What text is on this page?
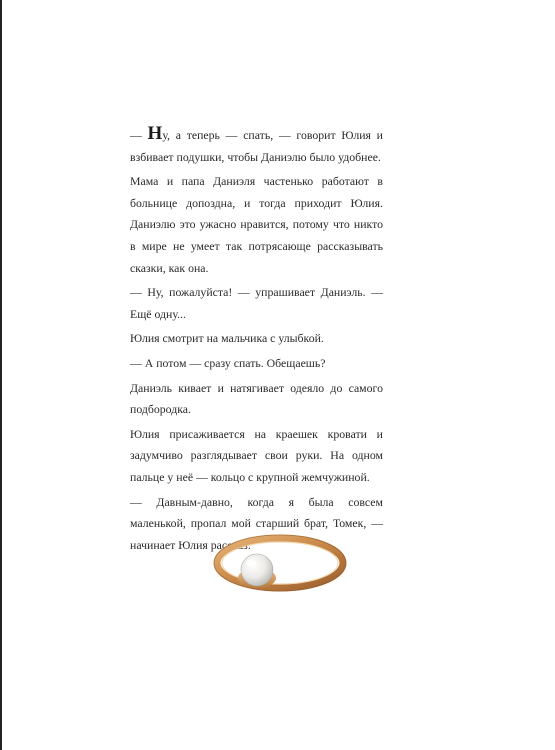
— Ну, а теперь — спать, — говорит Юлия и взбивает подушки, чтобы Даниэлю было удобнее.

Мама и папа Даниэля частенько работают в больнице допоздна, и тогда приходит Юлия. Даниэлю это ужасно нравится, потому что никто в мире не умеет так потрясающе рассказывать сказки, как она.

— Ну, пожалуйста! — упрашивает Даниэль. — Ещё одну...

Юлия смотрит на мальчика с улыбкой.

— А потом — сразу спать. Обещаешь?

Даниэль кивает и натягивает одеяло до самого подбородка.

Юлия присаживается на краешек кровати и задумчиво разглядывает свои руки. На одном пальце у неё — кольцо с крупной жемчужиной.

— Давным-давно, когда я была совсем маленькой, пропал мой старший брат, Томек, — начинает Юлия рассказ.
